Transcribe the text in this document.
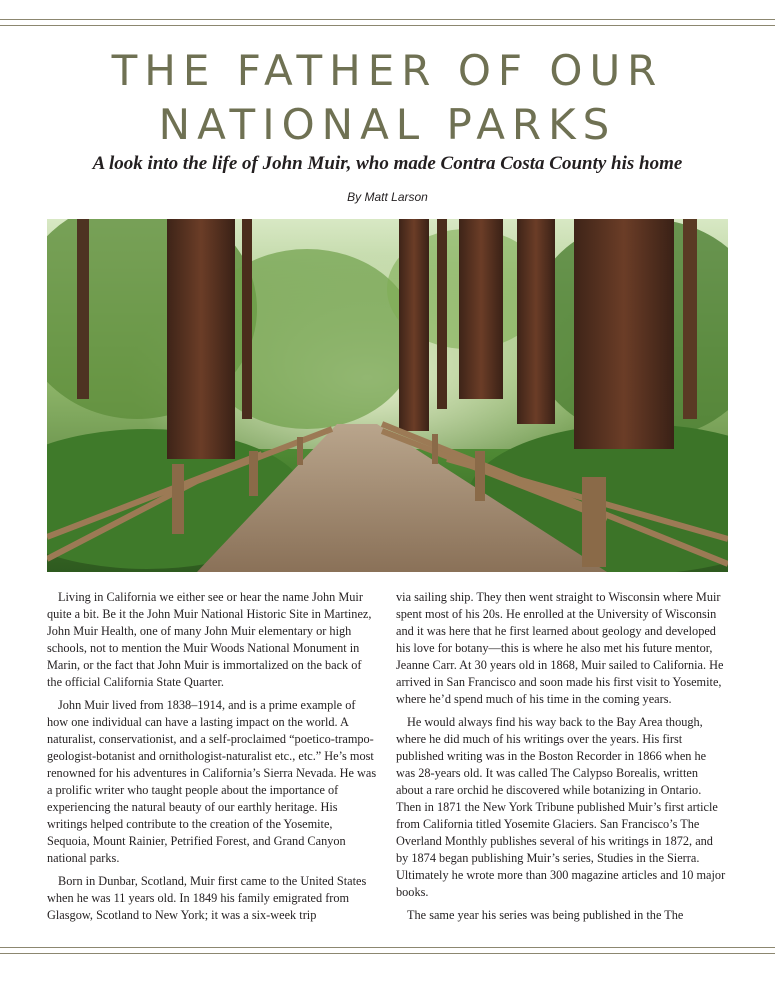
THE FATHER OF OUR
NATIONAL PARKS
A look into the life of John Muir, who made Contra Costa County his home
By Matt Larson

Living in California we either see or hear the name John Muir quite a bit. Be it the John Muir National Historic Site in Martinez, John Muir Health, one of many John Muir elementary or high schools, not to mention the Muir Woods National Monument in Marin, or the fact that John Muir is immortalized on the back of the official California State Quarter.

John Muir lived from 1838–1914, and is a prime example of how one individual can have a lasting impact on the world. A naturalist, conservationist, and a self-proclaimed “poetico-trampo-geologist-botanist and ornithologist-naturalist etc., etc.” He’s most renowned for his adventures in California’s Sierra Nevada. He was a prolific writer who taught people about the importance of experiencing the natural beauty of our earthly heritage. His writings helped contribute to the creation of the Yosemite, Sequoia, Mount Rainier, Petrified Forest, and Grand Canyon national parks.

Born in Dunbar, Scotland, Muir first came to the United States when he was 11 years old. In 1849 his family emigrated from Glasgow, Scotland to New York; it was a six-week trip

via sailing ship. They then went straight to Wisconsin where Muir spent most of his 20s. He enrolled at the University of Wisconsin and it was here that he first learned about geology and developed his love for botany—this is where he also met his future mentor, Jeanne Carr. At 30 years old in 1868, Muir sailed to California. He arrived in San Francisco and soon made his first visit to Yosemite, where he’d spend much of his time in the coming years.

He would always find his way back to the Bay Area though, where he did much of his writings over the years. His first published writing was in the Boston Recorder in 1866 when he was 28-years old. It was called The Calypso Borealis, written about a rare orchid he discovered while botanizing in Ontario. Then in 1871 the New York Tribune published Muir’s first article from California titled Yosemite Glaciers. San Francisco’s The Overland Monthly publishes several of his writings in 1872, and by 1874 began publishing Muir’s series, Studies in the Sierra. Ultimately he wrote more than 300 magazine articles and 10 major books.

The same year his series was being published in the The
